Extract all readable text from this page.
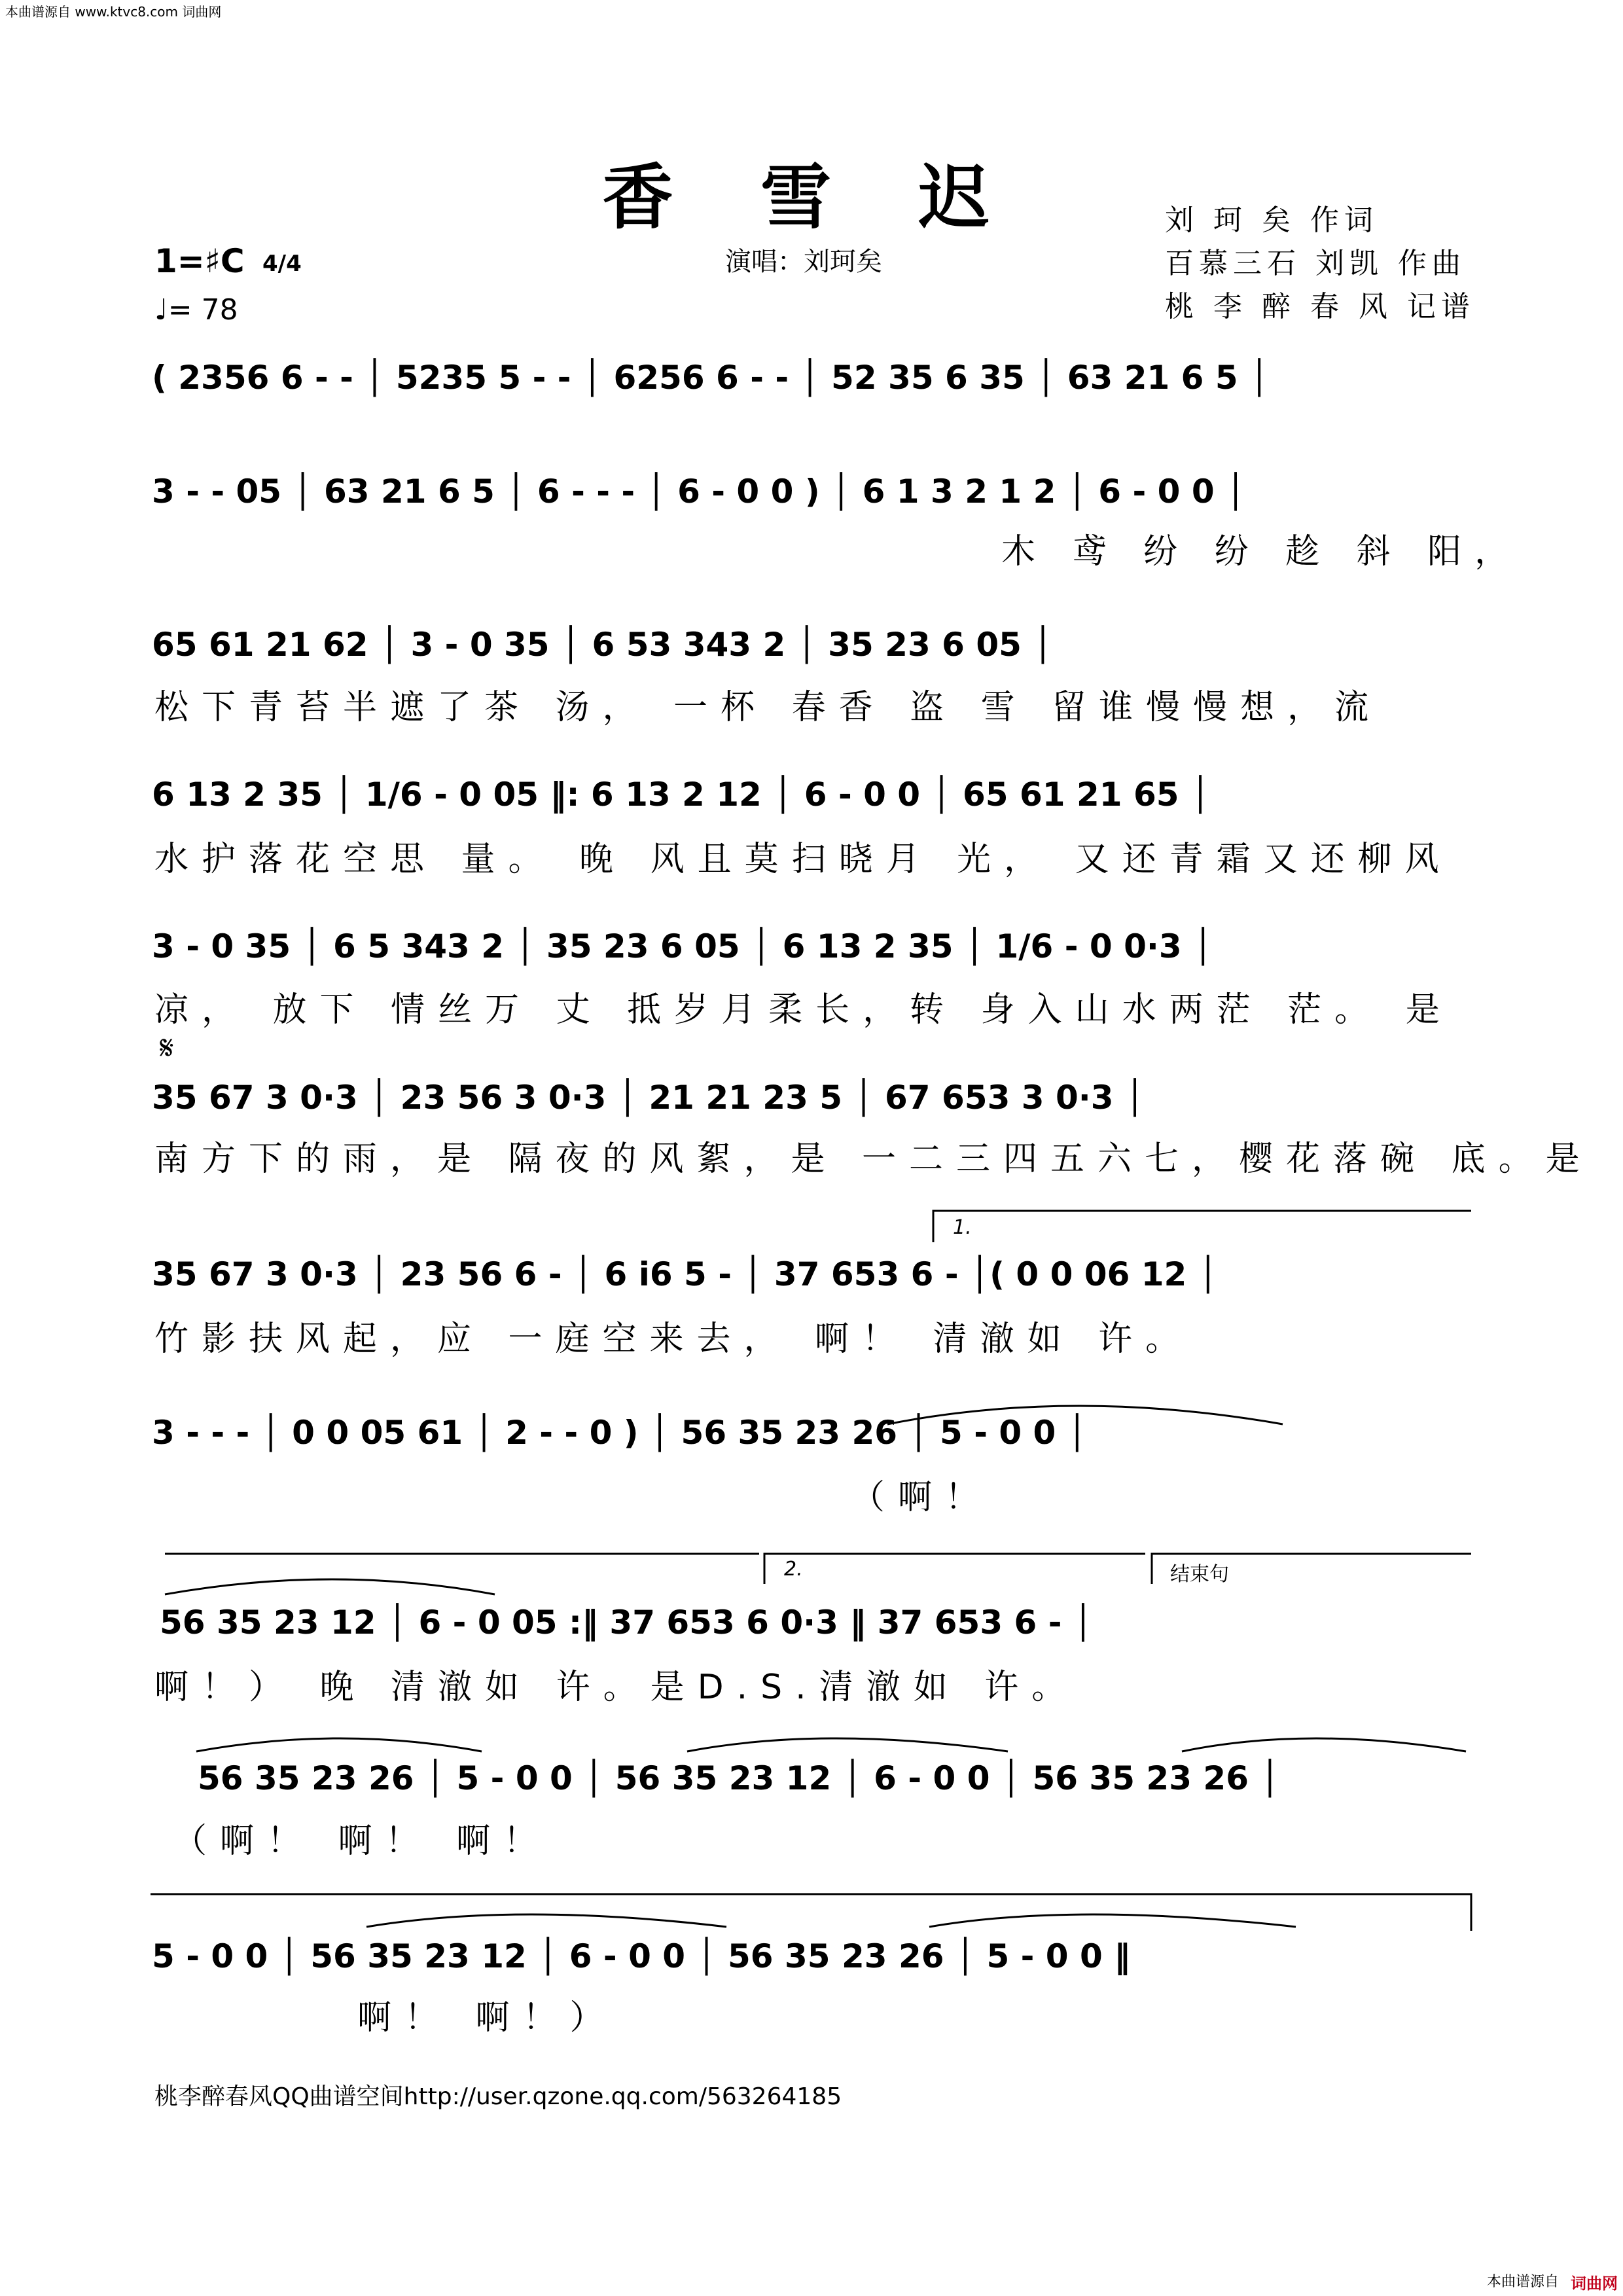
本曲谱源自 www.ktvc8.com 词曲网
香 雪 迟
演唱：刘珂矣
刘 珂 矣 作词
百慕三石 刘凯 作曲
桃 李 醉 春 风 记谱
1=♯C 4/4
♩= 78
( 2356 6 - - │ 5235 5 - - │ 6256 6 - - │ 52 35 6 35 │ 63 21 6 5 │
3 - - 05 │ 63 21 6 5 │ 6 - - - │ 6 - 0 0 ) │ 6 1 3 2 1 2 │ 6 - 0 0 │
木 鸢 纷 纷 趁 斜 阳，
65 61 21 62 │ 3 - 0 35 │ 6 53 343 2 │ 35 23 6 05 │
松下青苔半遮了茶 汤， 一杯 春香 盗 雪 留谁慢慢想，流
6 13 2 35 │ 1/6 - 0 05 ‖: 6 13 2 12 │ 6 - 0 0 │ 65 61 21 65 │
水护落花空思 量。 晚 风且莫扫晓月 光， 又还青霜又还柳风
3 - 0 35 │ 6 5 343 2 │ 35 23 6 05 │ 6 13 2 35 │ 1/6 - 0 0·3 │
凉， 放下 情丝万 丈 抵岁月柔长，转 身入山水两茫 茫。 是
𝄋
35 67 3 0·3 │ 23 56 3 0·3 │ 21 21 23 5 │ 67 653 3 0·3 │
南方下的雨，是 隔夜的风絮，是 一二三四五六七，樱花落碗 底。是
1.
35 67 3 0·3 │ 23 56 6 - │ 6 i6 5 - │ 37 653 6 - │( 0 0 06 12 │
竹影扶风起，应 一庭空来去， 啊！ 清澈如 许。
3 - - - │ 0 0 05 61 │ 2 - - 0 ) │ 56 35 23 26 │ 5 - 0 0 │
（啊！
2.	结束句
56 35 23 12 │ 6 - 0 05 :‖ 37 653 6 0·3 ‖ 37 653 6 - │
啊！） 晚 清澈如 许。是D.S.清澈如 许。
56 35 23 26 │ 5 - 0 0 │ 56 35 23 12 │ 6 - 0 0 │ 56 35 23 26 │
（啊！ 啊！ 啊！
5 - 0 0 │ 56 35 23 12 │ 6 - 0 0 │ 56 35 23 26 │ 5 - 0 0 ‖
啊！ 啊！）
桃李醉春风QQ曲谱空间http://user.qzone.qq.com/563264185
本曲谱源自 词曲网
